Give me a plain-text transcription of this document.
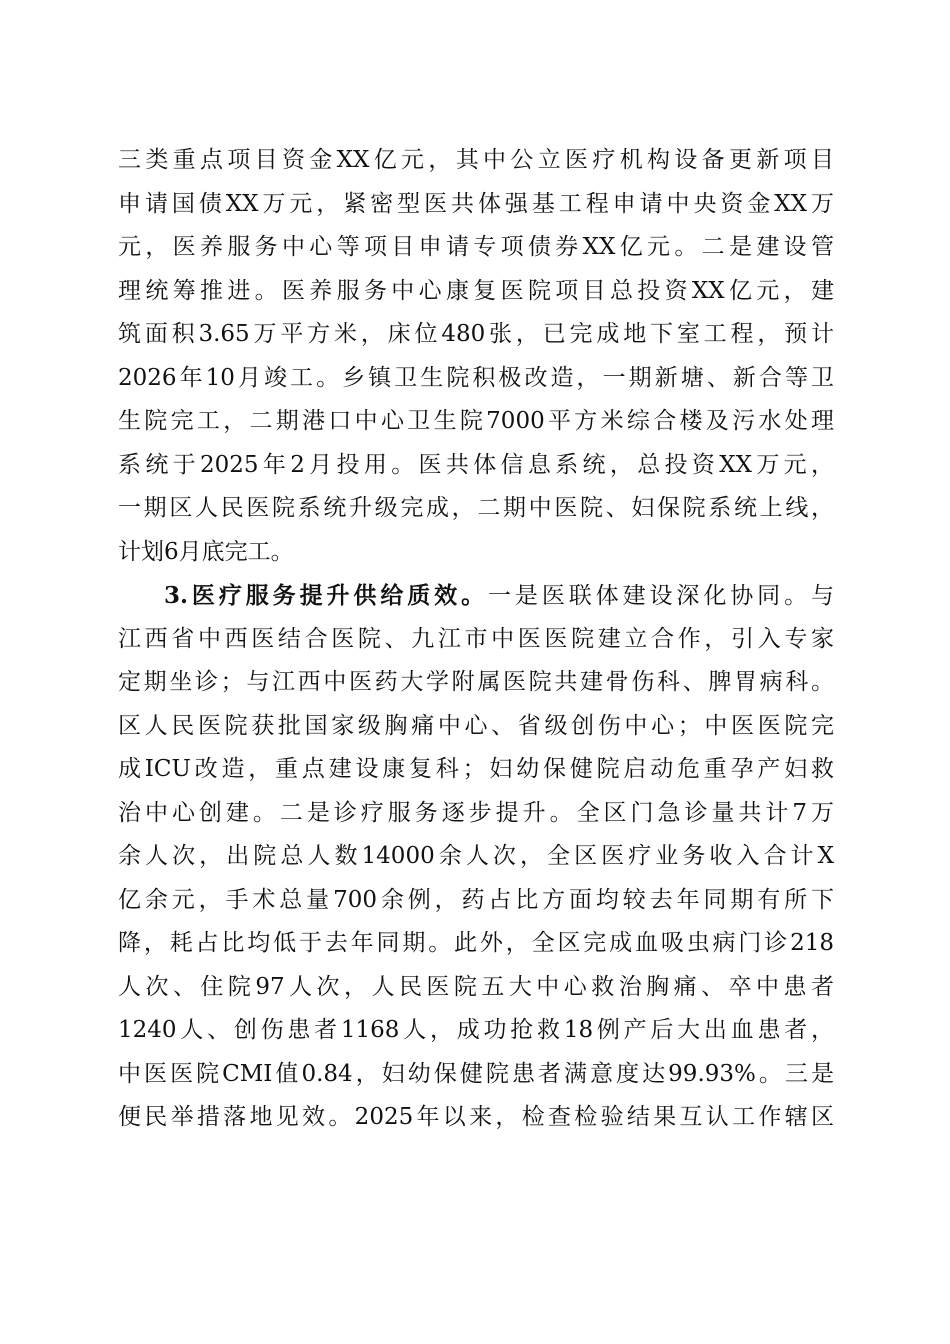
三类重点项目资金XX亿元，其中公立医疗机构设备更新项目
申请国债XX万元，紧密型医共体强基工程申请中央资金XX万
元，医养服务中心等项目申请专项债券XX亿元。二是建设管
理统筹推进。医养服务中心康复医院项目总投资XX亿元，建
筑面积3.65万平方米，床位480张，已完成地下室工程，预计
2026年10月竣工。乡镇卫生院积极改造，一期新塘、新合等卫
生院完工，二期港口中心卫生院7000平方米综合楼及污水处理
系统于2025年2月投用。医共体信息系统，总投资XX万元，
一期区人民医院系统升级完成，二期中医院、妇保院系统上线，
计划6月底完工。
3.医疗服务提升供给质效。一是医联体建设深化协同。与
江西省中西医结合医院、九江市中医医院建立合作，引入专家
定期坐诊；与江西中医药大学附属医院共建骨伤科、脾胃病科。
区人民医院获批国家级胸痛中心、省级创伤中心；中医医院完
成ICU改造，重点建设康复科；妇幼保健院启动危重孕产妇救
治中心创建。二是诊疗服务逐步提升。全区门急诊量共计7万
余人次，出院总人数14000余人次，全区医疗业务收入合计X
亿余元，手术总量700余例，药占比方面均较去年同期有所下
降，耗占比均低于去年同期。此外，全区完成血吸虫病门诊218
人次、住院97人次，人民医院五大中心救治胸痛、卒中患者
1240人、创伤患者1168人，成功抢救18例产后大出血患者，
中医医院CMI值0.84，妇幼保健院患者满意度达99.93%。三是
便民举措落地见效。2025年以来，检查检验结果互认工作辖区
